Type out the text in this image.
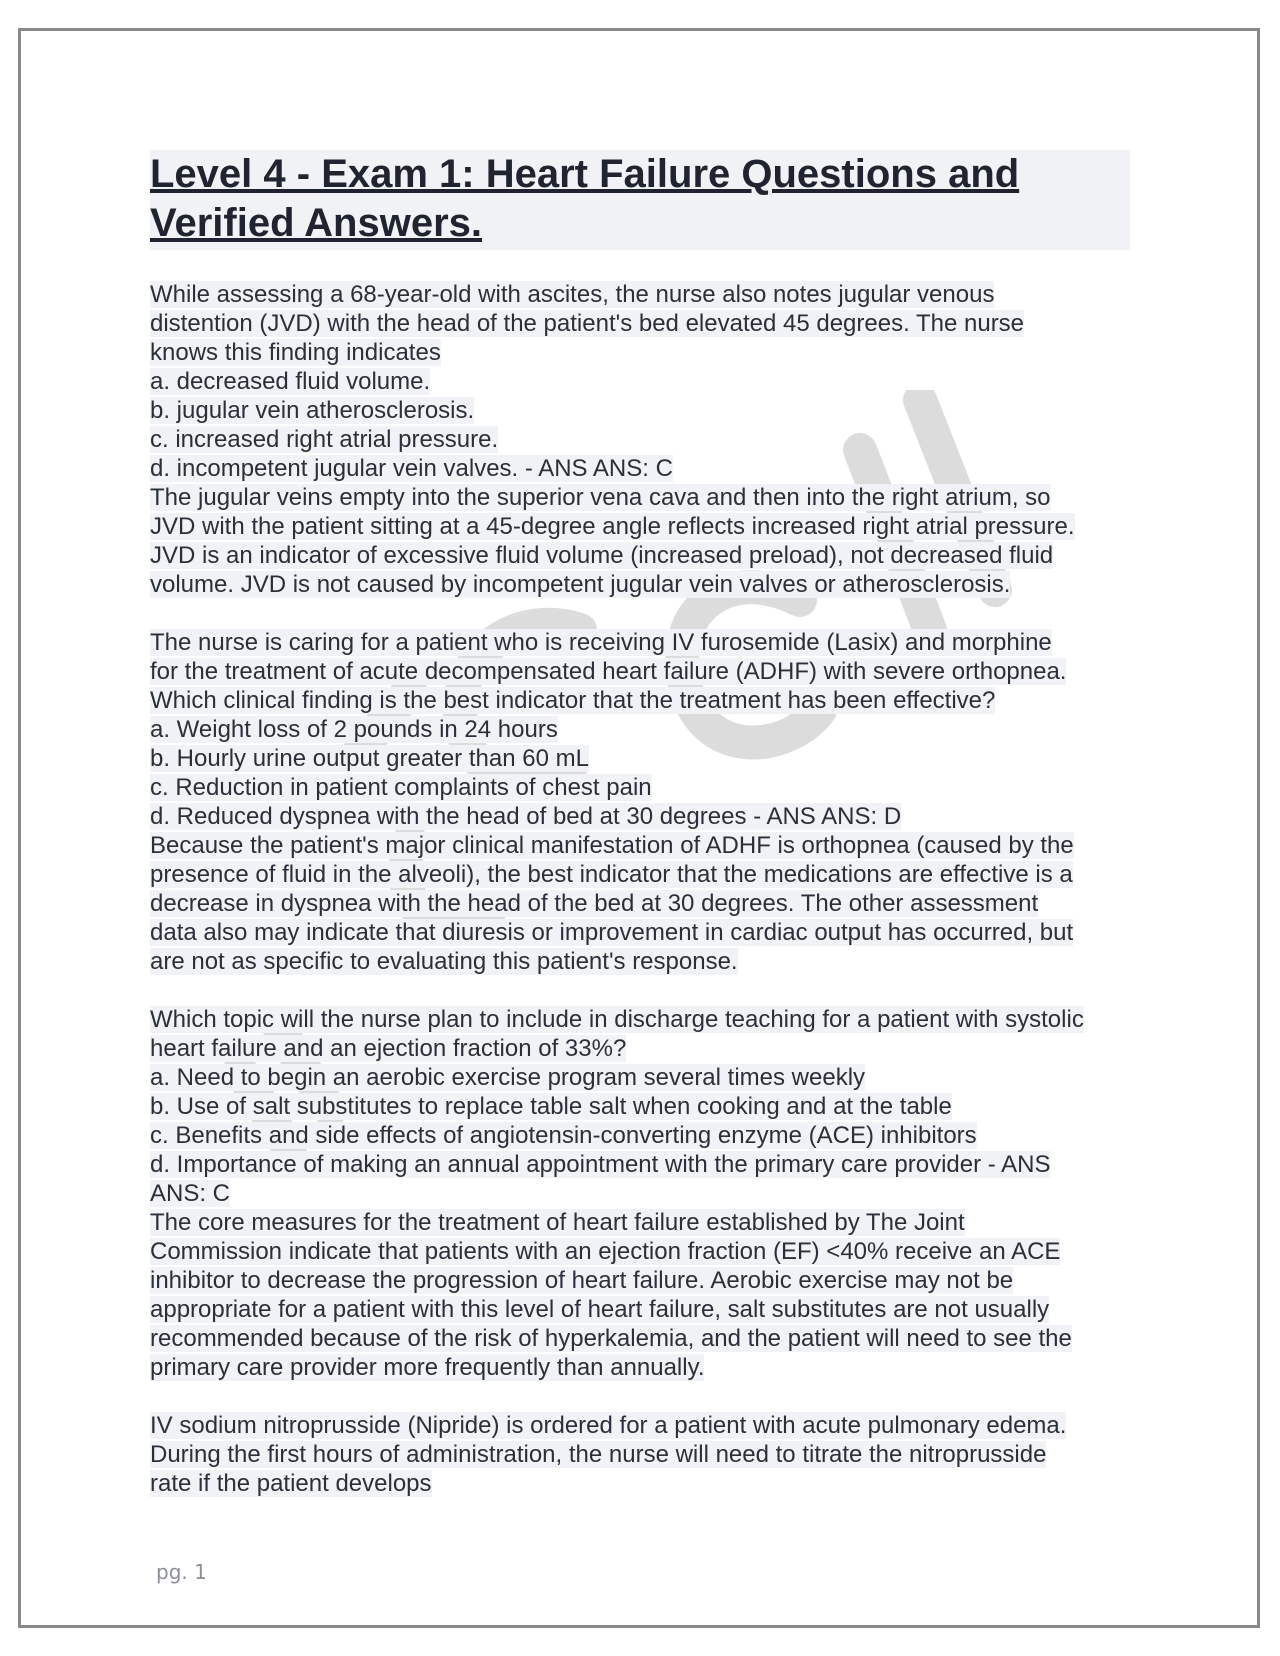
Level 4 - Exam 1: Heart Failure Questions and
Verified Answers.
While assessing a 68-year-old with ascites, the nurse also notes jugular venous
distention (JVD) with the head of the patient's bed elevated 45 degrees. The nurse
knows this finding indicates
a. decreased fluid volume.
b. jugular vein atherosclerosis.
c. increased right atrial pressure.
d. incompetent jugular vein valves. - ANS ANS: C
The jugular veins empty into the superior vena cava and then into the right atrium, so
JVD with the patient sitting at a 45-degree angle reflects increased right atrial pressure.
JVD is an indicator of excessive fluid volume (increased preload), not decreased fluid
volume. JVD is not caused by incompetent jugular vein valves or atherosclerosis.
The nurse is caring for a patient who is receiving IV furosemide (Lasix) and morphine
for the treatment of acute decompensated heart failure (ADHF) with severe orthopnea.
Which clinical finding is the best indicator that the treatment has been effective?
a. Weight loss of 2 pounds in 24 hours
b. Hourly urine output greater than 60 mL
c. Reduction in patient complaints of chest pain
d. Reduced dyspnea with the head of bed at 30 degrees - ANS ANS: D
Because the patient's major clinical manifestation of ADHF is orthopnea (caused by the
presence of fluid in the alveoli), the best indicator that the medications are effective is a
decrease in dyspnea with the head of the bed at 30 degrees. The other assessment
data also may indicate that diuresis or improvement in cardiac output has occurred, but
are not as specific to evaluating this patient's response.
Which topic will the nurse plan to include in discharge teaching for a patient with systolic
heart failure and an ejection fraction of 33%?
a. Need to begin an aerobic exercise program several times weekly
b. Use of salt substitutes to replace table salt when cooking and at the table
c. Benefits and side effects of angiotensin-converting enzyme (ACE) inhibitors
d. Importance of making an annual appointment with the primary care provider - ANS
ANS: C
The core measures for the treatment of heart failure established by The Joint
Commission indicate that patients with an ejection fraction (EF) <40% receive an ACE
inhibitor to decrease the progression of heart failure. Aerobic exercise may not be
appropriate for a patient with this level of heart failure, salt substitutes are not usually
recommended because of the risk of hyperkalemia, and the patient will need to see the
primary care provider more frequently than annually.
IV sodium nitroprusside (Nipride) is ordered for a patient with acute pulmonary edema.
During the first hours of administration, the nurse will need to titrate the nitroprusside
rate if the patient develops
pg. 1
